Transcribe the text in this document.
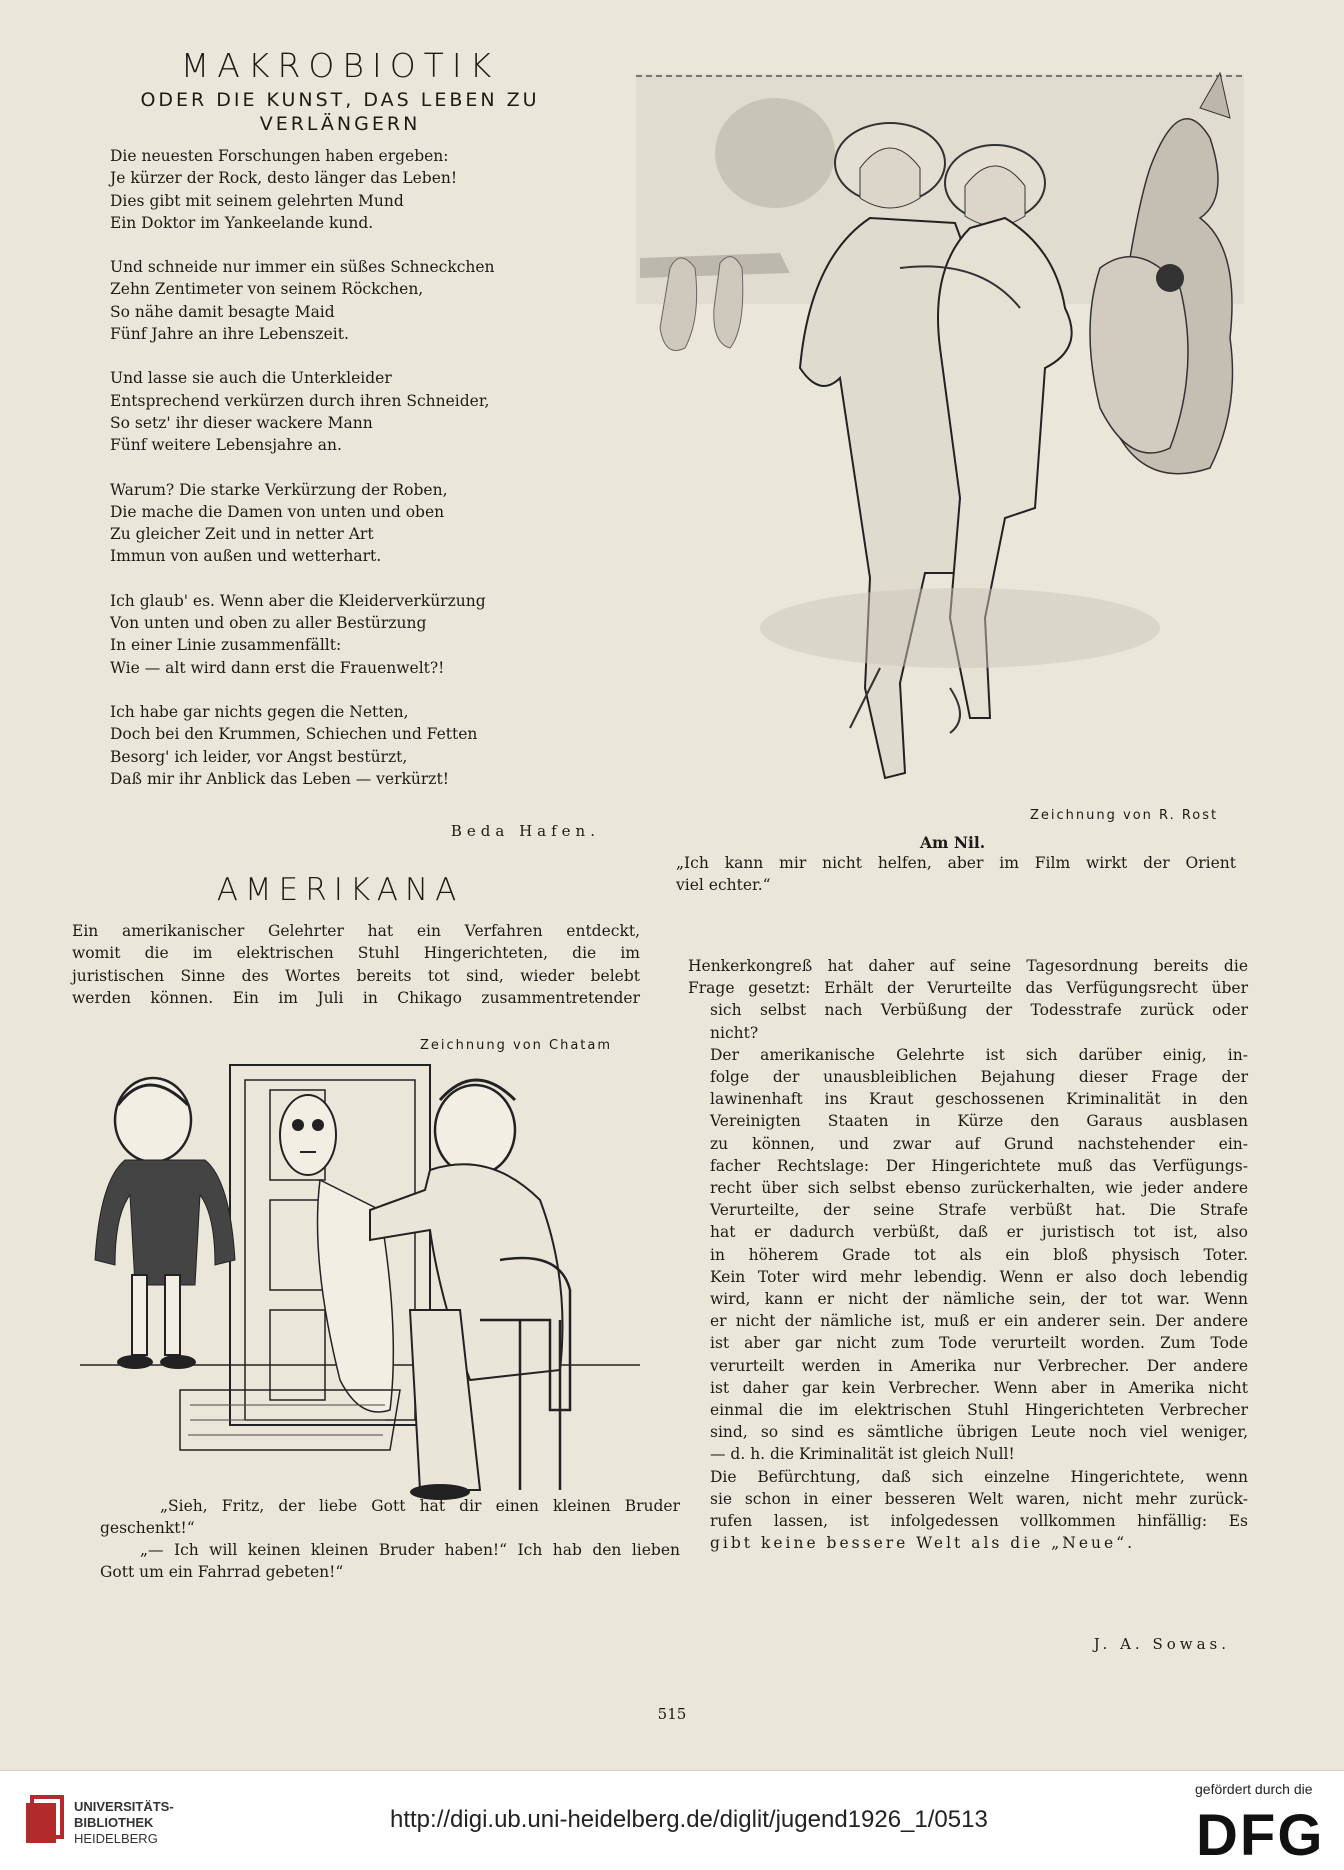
MAKROBIOTIK
ODER DIE KUNST, DAS LEBEN ZU
VERLÄNGERN
Die neuesten Forschungen haben ergeben:
Je kürzer der Rock, desto länger das Leben!
Dies gibt mit seinem gelehrten Mund
Ein Doktor im Yankeelande kund.
Und schneide nur immer ein süßes Schneckchen
Zehn Zentimeter von seinem Röckchen,
So nähe damit besagte Maid
Fünf Jahre an ihre Lebenszeit.
Und lasse sie auch die Unterkleider
Entsprechend verkürzen durch ihren Schneider,
So setz' ihr dieser wackere Mann
Fünf weitere Lebensjahre an.
Warum? Die starke Verkürzung der Roben,
Die mache die Damen von unten und oben
Zu gleicher Zeit und in netter Art
Immun von außen und wetterhart.
Ich glaub' es. Wenn aber die Kleiderverkürzung
Von unten und oben zu aller Bestürzung
In einer Linie zusammenfällt:
Wie — alt wird dann erst die Frauenwelt?!
Ich habe gar nichts gegen die Netten,
Doch bei den Krummen, Schiechen und Fetten
Besorg' ich leider, vor Angst bestürzt,
Daß mir ihr Anblick das Leben — verkürzt!
Beda Hafen.
Zeichnung von R. Rost
Am Nil.
„Ich kann mir nicht helfen, aber im Film wirkt der Orient
viel echter.“
AMERIKANA
Ein amerikanischer Gelehrter hat ein Verfahren entdeckt,
womit die im elektrischen Stuhl Hingerichteten, die im
juristischen Sinne des Wortes bereits tot sind, wieder belebt
werden können. Ein im Juli in Chikago zusammentretender
Zeichnung von Chatam
„Sieh, Fritz, der liebe Gott hat dir einen kleinen Bruder
geschenkt!“
„— Ich will keinen kleinen Bruder haben!“ Ich hab den lieben
Gott um ein Fahrrad gebeten!“
Henkerkongreß hat daher auf seine Tagesordnung bereits die
Frage gesetzt: Erhält der Verurteilte das Verfügungsrecht über
sich selbst nach Verbüßung der Todesstrafe zurück oder
nicht?
Der amerikanische Gelehrte ist sich darüber einig, in-
folge der unausbleiblichen Bejahung dieser Frage der
lawinenhaft ins Kraut geschossenen Kriminalität in den
Vereinigten Staaten in Kürze den Garaus ausblasen
zu können, und zwar auf Grund nachstehender ein-
facher Rechtslage: Der Hingerichtete muß das Verfügungs-
recht über sich selbst ebenso zurückerhalten, wie jeder andere
Verurteilte, der seine Strafe verbüßt hat. Die Strafe
hat er dadurch verbüßt, daß er juristisch tot ist, also
in höherem Grade tot als ein bloß physisch Toter.
Kein Toter wird mehr lebendig. Wenn er also doch lebendig
wird, kann er nicht der nämliche sein, der tot war. Wenn
er nicht der nämliche ist, muß er ein anderer sein. Der andere
ist aber gar nicht zum Tode verurteilt worden. Zum Tode
verurteilt werden in Amerika nur Verbrecher. Der andere
ist daher gar kein Verbrecher. Wenn aber in Amerika nicht
einmal die im elektrischen Stuhl Hingerichteten Verbrecher
sind, so sind es sämtliche übrigen Leute noch viel weniger,
— d. h. die Kriminalität ist gleich Null!
Die Befürchtung, daß sich einzelne Hingerichtete, wenn
sie schon in einer besseren Welt waren, nicht mehr zurück-
rufen lassen, ist infolgedessen vollkommen hinfällig: Es
gibt keine bessere Welt als die „Neue“.
J. A. Sowas.
515
UNIVERSITÄTS-
BIBLIOTHEK
HEIDELBERG
http://digi.ub.uni-heidelberg.de/diglit/jugend1926_1/0513
gefördert durch die
DFG
